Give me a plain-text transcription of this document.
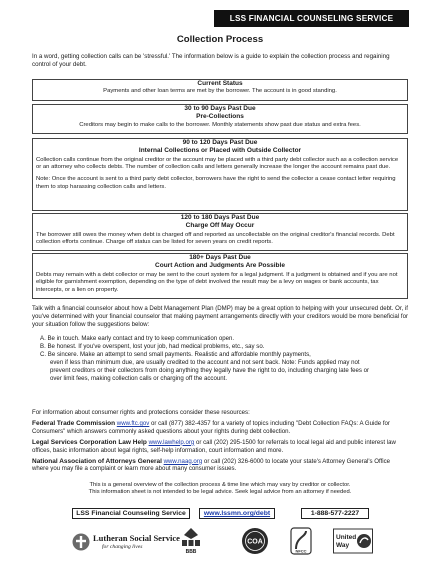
LSS FINANCIAL COUNSELING SERVICE
Collection Process
In a word, getting collection calls can be 'stressful.' The information below is a guide to explain the collection process and regaining control of your debt.
Current Status
Payments and other loan terms are met by the borrower. The account is in good standing.
30 to 90 Days Past Due
Pre-Collections
Creditors may begin to make calls to the borrower. Monthly statements show past due status and extra fees.
90 to 120 Days Past Due
Internal Collections or Placed with Outside Collector
Collection calls continue from the original creditor or the account may be placed with a third party debt collector such as a collection service or an attorney who collects debts. The number of collection calls and letters generally increase the longer the account remains past due.
Note: Once the account is sent to a third party debt collector, borrowers have the right to send the collector a cease contact letter requiring them to stop harassing collection calls and letters.
120 to 180 Days Past Due
Charge Off May Occur
The borrower still owes the money when debt is charged off and reported as uncollectable on the original creditor's financial records. Debt collection efforts continue. Charge off status can be listed for seven years on credit reports.
180+ Days Past Due
Court Action and Judgments Are Possible
Debts may remain with a debt collector or may be sent to the court system for a legal judgment. If a judgment is obtained and if you are not eligible for garnishment exemption, depending on the type of debt involved the result may be a levy on wages or bank accounts, tax intercepts, or a lien on property.
Talk with a financial counselor about how a Debt Management Plan (DMP) may be a great option to helping with your unsecured debt. Or, if you've determined with your financial counselor that making payment arrangements directly with your creditors would be more beneficial for your situation follow the suggestions below:
A. Be in touch. Make early contact and try to keep communication open.
B. Be honest. If you've overspent, lost your job, had medical problems, etc., say so.
C. Be sincere. Make an attempt to send small payments. Realistic and affordable monthly payments,
even if less than minimum due, are usually credited to the account and not sent back. Note: Funds applied may not prevent creditors or their collectors from doing anything they legally have the right to do, including charging late fees or over limit fees, making collection calls or charging off the account.
For information about consumer rights and protections consider these resources:
Federal Trade Commission www.ftc.gov or call (877) 382-4357 for a variety of topics including "Debt Collection FAQs: A Guide for Consumers" which answers commonly asked questions about your rights during debt collection.
Legal Services Corporation Law Help www.lawhelp.org or call (202) 295-1500 for referrals to local legal aid and public interest law offices, basic information about legal rights, self-help information, court information and more.
National Association of Attorneys General www.naag.org or call (202) 326-6000 to locate your state's Attorney General's Office where you may file a complaint or learn more about many consumer issues.
This is a general overview of the collection process & time line which may vary by creditor or collector.
This information sheet is not intended to be legal advice. Seek legal advice from an attorney if needed.
LSS Financial Counseling Service	www.lssmn.org/debt	1-888-577-2227
Lutheran Social Service
for changing lives
BBB
COA
NFCC
United
Way
